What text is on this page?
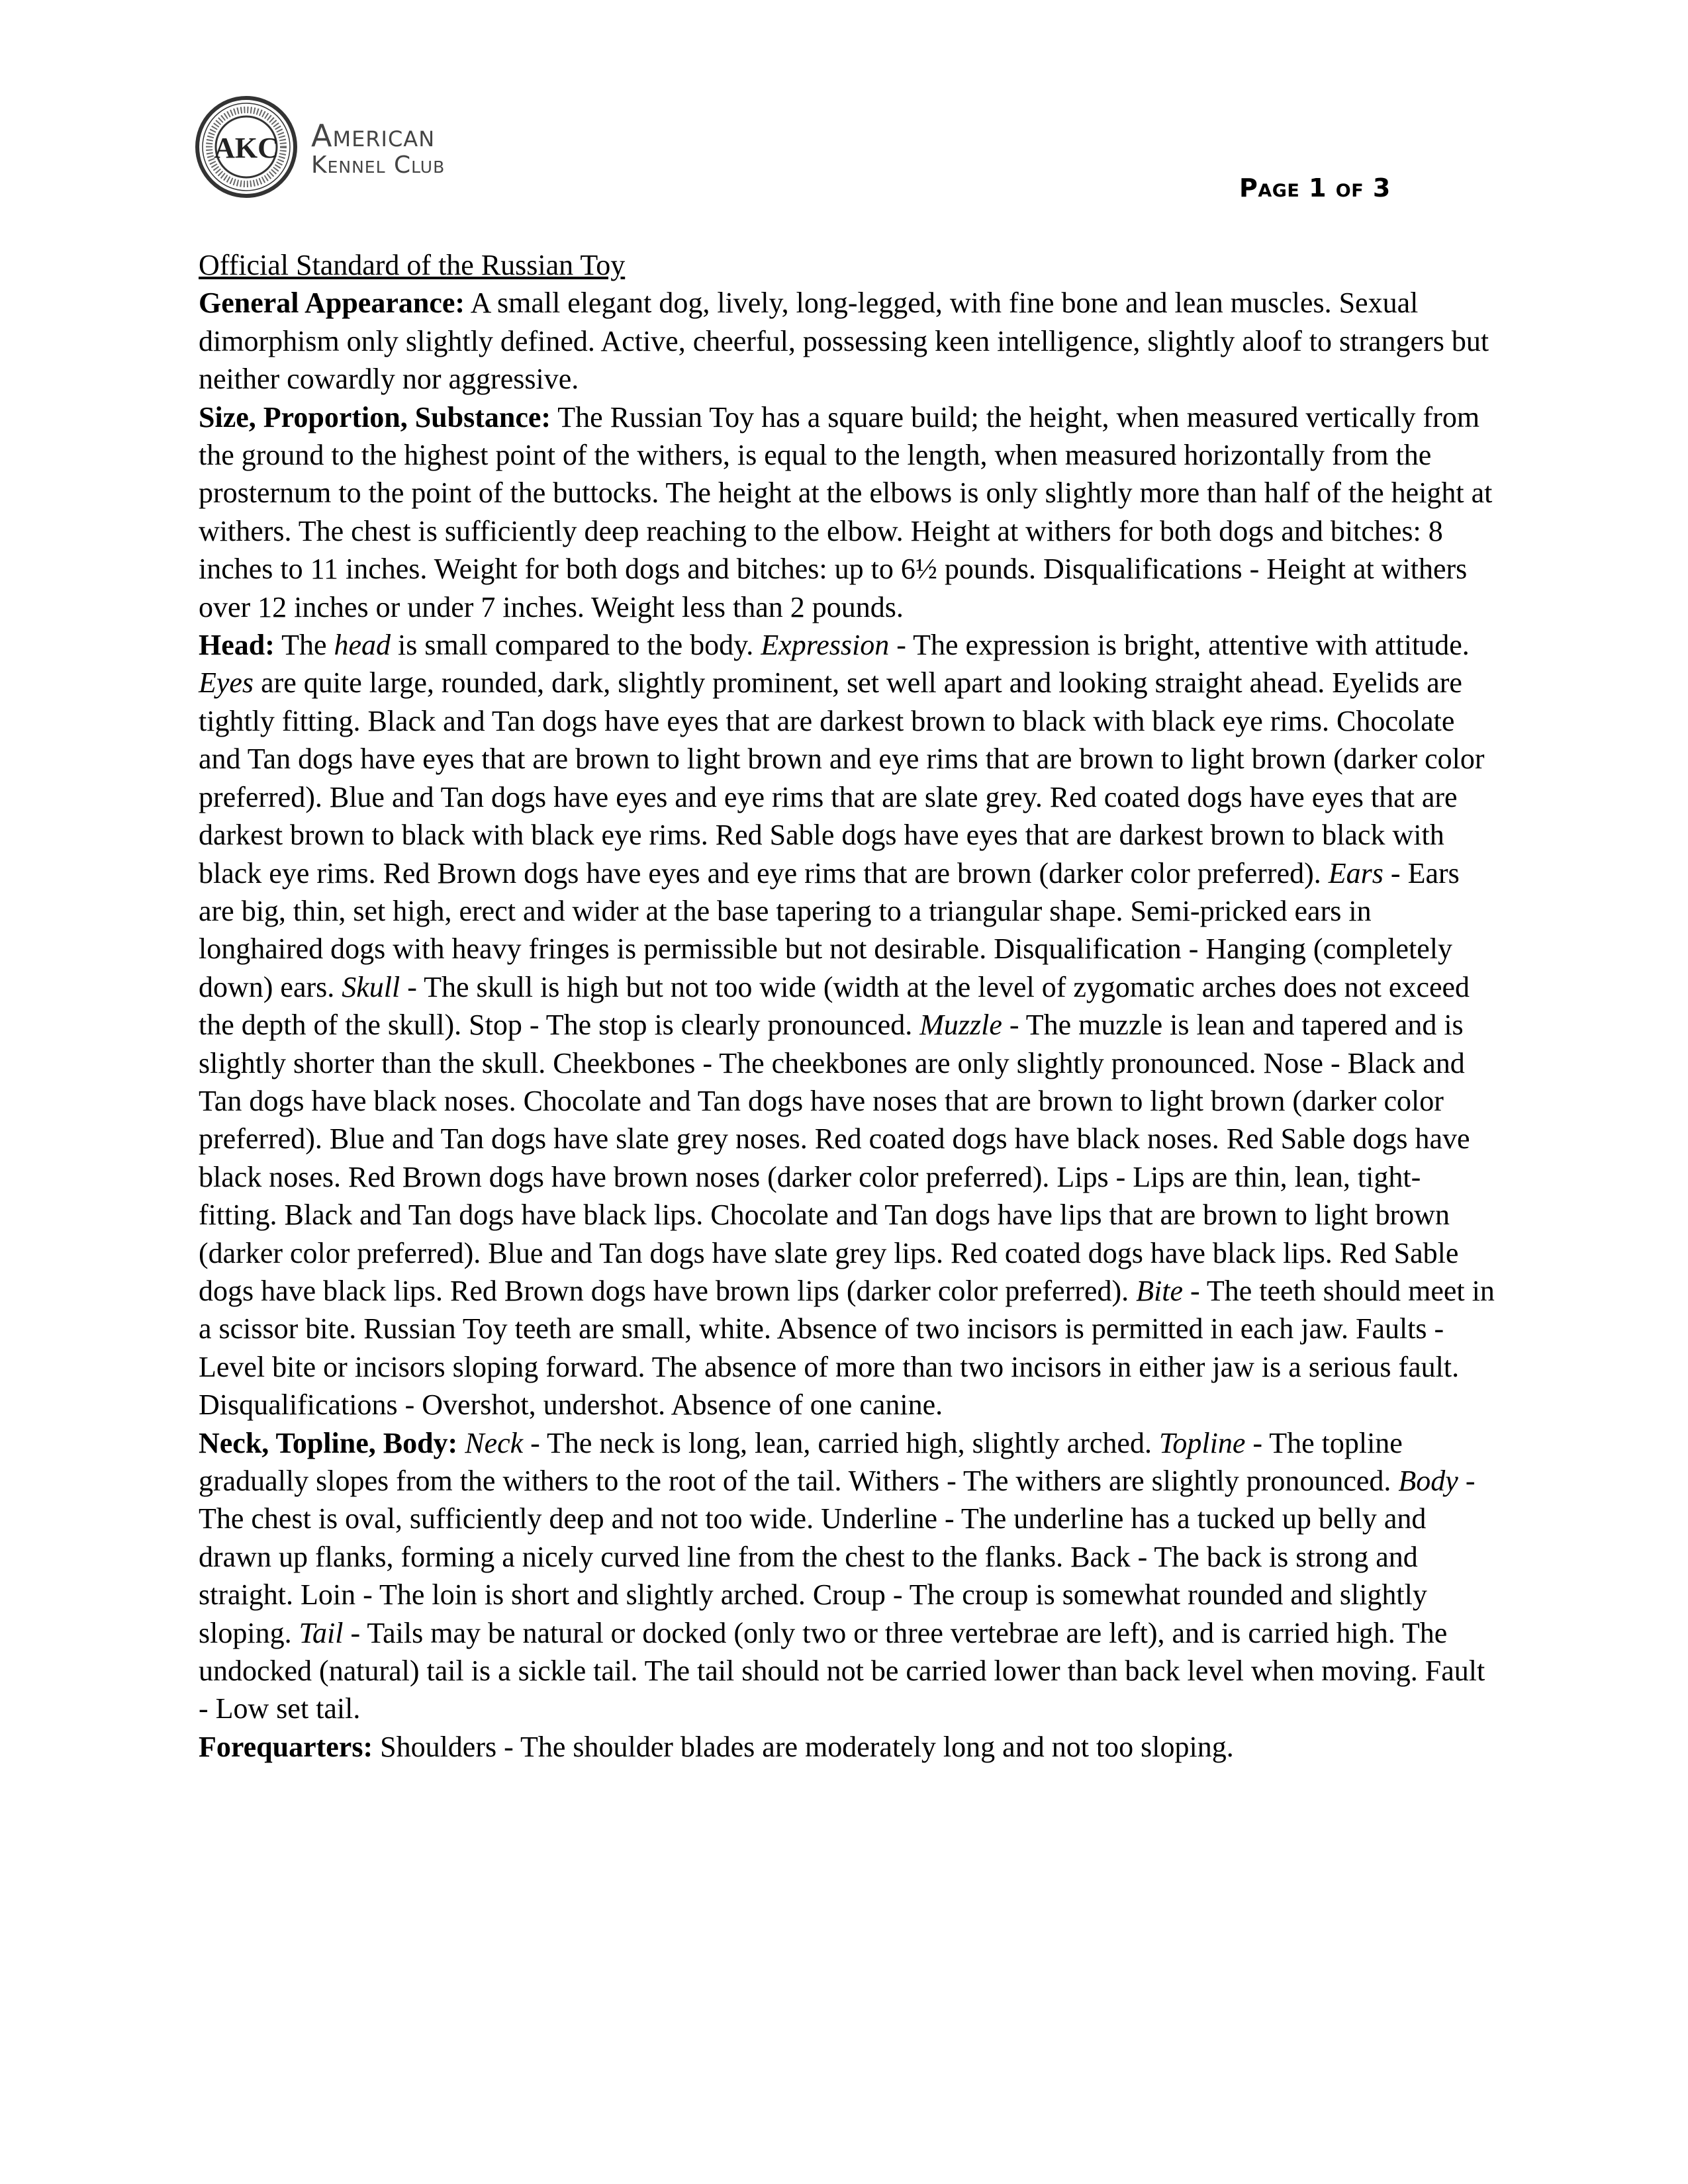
AKC American
Kennel Club
Page 1 of 3
Official Standard of the Russian Toy

General Appearance: A small elegant dog, lively, long-legged, with fine bone and lean muscles. Sexual dimorphism only slightly defined. Active, cheerful, possessing keen intelligence, slightly aloof to strangers but neither cowardly nor aggressive.

Size, Proportion, Substance: The Russian Toy has a square build; the height, when measured vertically from the ground to the highest point of the withers, is equal to the length, when measured horizontally from the prosternum to the point of the buttocks. The height at the elbows is only slightly more than half of the height at withers. The chest is sufficiently deep reaching to the elbow. Height at withers for both dogs and bitches: 8 inches to 11 inches. Weight for both dogs and bitches: up to 6½ pounds. Disqualifications - Height at withers over 12 inches or under 7 inches. Weight less than 2 pounds.

Head: The head is small compared to the body. Expression - The expression is bright, attentive with attitude. Eyes are quite large, rounded, dark, slightly prominent, set well apart and looking straight ahead. Eyelids are tightly fitting. Black and Tan dogs have eyes that are darkest brown to black with black eye rims. Chocolate and Tan dogs have eyes that are brown to light brown and eye rims that are brown to light brown (darker color preferred). Blue and Tan dogs have eyes and eye rims that are slate grey. Red coated dogs have eyes that are darkest brown to black with black eye rims. Red Sable dogs have eyes that are darkest brown to black with black eye rims. Red Brown dogs have eyes and eye rims that are brown (darker color preferred). Ears - Ears are big, thin, set high, erect and wider at the base tapering to a triangular shape. Semi-pricked ears in longhaired dogs with heavy fringes is permissible but not desirable. Disqualification - Hanging (completely down) ears. Skull - The skull is high but not too wide (width at the level of zygomatic arches does not exceed the depth of the skull). Stop - The stop is clearly pronounced. Muzzle - The muzzle is lean and tapered and is slightly shorter than the skull. Cheekbones - The cheekbones are only slightly pronounced. Nose - Black and Tan dogs have black noses. Chocolate and Tan dogs have noses that are brown to light brown (darker color preferred). Blue and Tan dogs have slate grey noses. Red coated dogs have black noses. Red Sable dogs have black noses. Red Brown dogs have brown noses (darker color preferred). Lips - Lips are thin, lean, tight-fitting. Black and Tan dogs have black lips. Chocolate and Tan dogs have lips that are brown to light brown (darker color preferred). Blue and Tan dogs have slate grey lips. Red coated dogs have black lips. Red Sable dogs have black lips. Red Brown dogs have brown lips (darker color preferred). Bite - The teeth should meet in a scissor bite. Russian Toy teeth are small, white. Absence of two incisors is permitted in each jaw. Faults - Level bite or incisors sloping forward. The absence of more than two incisors in either jaw is a serious fault. Disqualifications - Overshot, undershot. Absence of one canine.

Neck, Topline, Body: Neck - The neck is long, lean, carried high, slightly arched. Topline - The topline gradually slopes from the withers to the root of the tail. Withers - The withers are slightly pronounced. Body - The chest is oval, sufficiently deep and not too wide. Underline - The underline has a tucked up belly and drawn up flanks, forming a nicely curved line from the chest to the flanks. Back - The back is strong and straight. Loin - The loin is short and slightly arched. Croup - The croup is somewhat rounded and slightly sloping. Tail - Tails may be natural or docked (only two or three vertebrae are left), and is carried high. The undocked (natural) tail is a sickle tail. The tail should not be carried lower than back level when moving. Fault - Low set tail.

Forequarters: Shoulders - The shoulder blades are moderately long and not too sloping.
